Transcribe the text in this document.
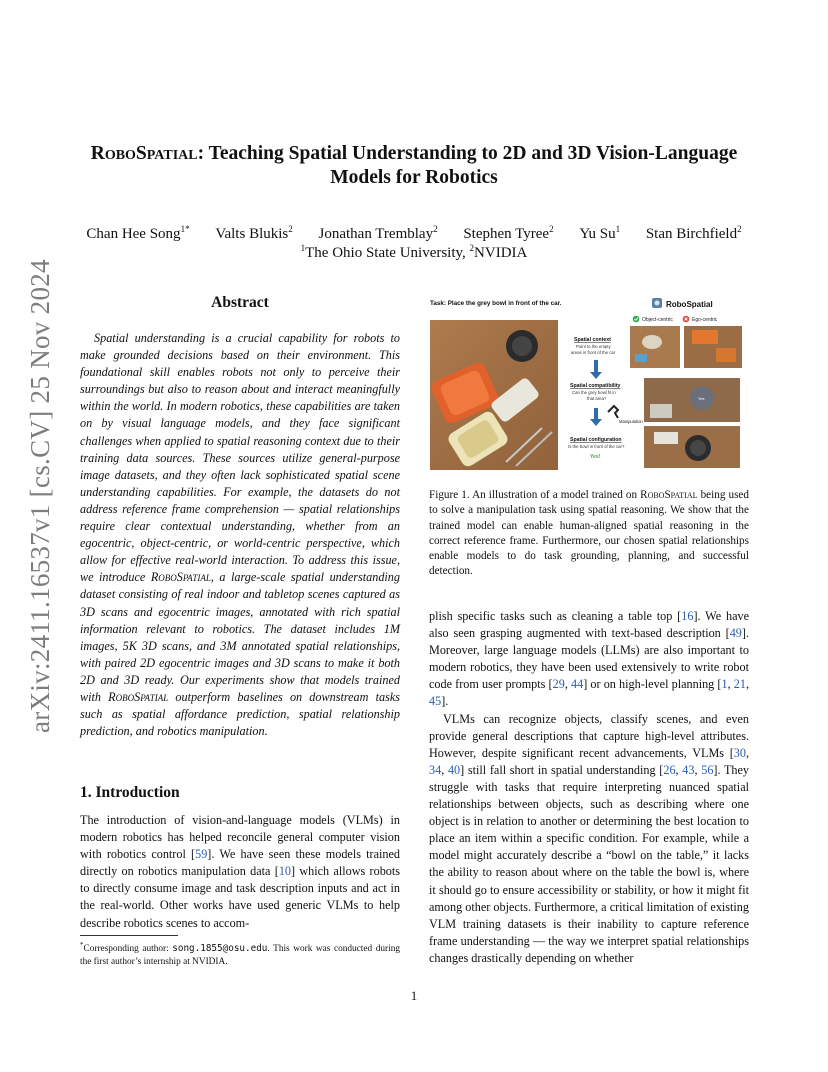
arXiv:2411.16537v1 [cs.CV] 25 Nov 2024
RoboSpatial: Teaching Spatial Understanding to 2D and 3D Vision-Language
Models for Robotics
Chan Hee Song$^{1*}$ Valts Blukis$^2$ Jonathan Tremblay$^2$ Stephen Tyree$^2$ Yu Su$^1$ Stan Birchfield$^2$
$^1$The Ohio State University, $^2$NVIDIA
Abstract

Spatial understanding is a crucial capability for robots to make grounded decisions based on their environment. This foundational skill enables robots not only to perceive their surroundings but also to reason about and interact meaningfully within the world. In modern robotics, these capabilities are taken on by visual language models, and they face significant challenges when applied to spatial reasoning context due to their training data sources. These sources utilize general-purpose image datasets, and they often lack sophisticated spatial scene understanding capabilities. For example, the datasets do not address reference frame comprehension — spatial relationships require clear contextual understanding, whether from an egocentric, object-centric, or world-centric perspective, which allow for effective real-world interaction. To address this issue, we introduce RoboSpatial, a large-scale spatial understanding dataset consisting of real indoor and tabletop scenes captured as 3D scans and egocentric images, annotated with rich spatial information relevant to robotics. The dataset includes 1M images, 5K 3D scans, and 3M annotated spatial relationships, with paired 2D egocentric images and 3D scans to make it both 2D and 3D ready. Our experiments show that models trained with RoboSpatial outperform baselines on downstream tasks such as spatial affordance prediction, spatial relationship prediction, and robotics manipulation.

1. Introduction

The introduction of vision-and-language models (VLMs) in modern robotics has helped reconcile general computer vision with robotics control [59]. We have seen these models trained directly on robotics manipulation data [10] which allows robots to directly consume image and task description inputs and act in the real-world. Other works have used generic VLMs to help describe robotics scenes to accom-

*Corresponding author: song.1855@osu.edu. This work was conducted during the first author’s internship at NVIDIA.
Task: Place the grey bowl in front of the car.	RoboSpatial
Object-centric	Ego-centric
Spatial context
Point to the empty
areas in front of the car
Spatial compatibility
Can the grey bowl fit in
that area?
Manipulation
Spatial configuration
Is the bowl in front of the car?
Yes!
Yes
Figure 1. An illustration of a model trained on RoboSpatial being used to solve a manipulation task using spatial reasoning. We show that the trained model can enable human-aligned spatial reasoning in the correct reference frame. Furthermore, our chosen spatial relationships enable models to do task grounding, planning, and successful detection.

plish specific tasks such as cleaning a table top [16]. We have also seen grasping augmented with text-based description [49]. Moreover, large language models (LLMs) are also important to modern robotics, they have been used extensively to write robot code from user prompts [29, 44] or on high-level planning [1, 21, 45].

VLMs can recognize objects, classify scenes, and even provide general descriptions that capture high-level attributes. However, despite significant recent advancements, VLMs [30, 34, 40] still fall short in spatial understanding [26, 43, 56]. They struggle with tasks that require interpreting nuanced spatial relationships between objects, such as describing where one object is in relation to another or determining the best location to place an item within a specific condition. For example, while a model might accurately describe a “bowl on the table,” it lacks the ability to reason about where on the table the bowl is, where it should go to ensure accessibility or stability, or how it might fit among other objects. Furthermore, a critical limitation of existing VLM training datasets is their inability to capture reference frame understanding — the way we interpret spatial relationships changes drastically depending on whether

1
